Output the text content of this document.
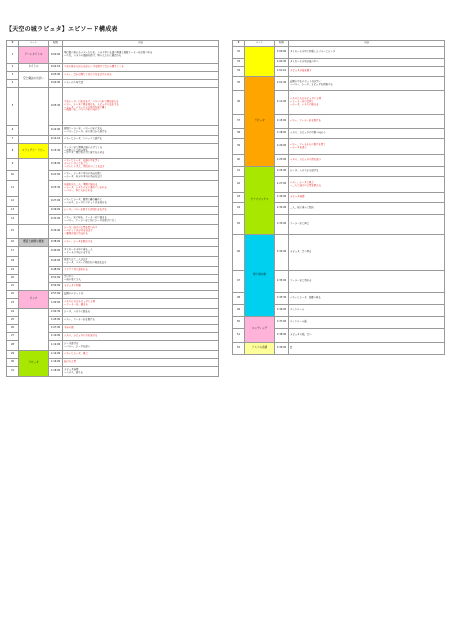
【天空の城ラピュタ】エピソード構成表
#	パート	時間	内容
1	アバンタイトル	0:00:00	飛行船の窓からパズーたちを、ムスカ率いる謎の男達と海賊ドーラ一家が見つめる
—少女、ムスカの部屋を探す、男の人たちに運ばれる

2	タイトル	0:02:10	少女の体から出た光がシータを助けて空から降りてくる

3	空と魔法の出会い	0:03:00	パズー、空から降りてきた少女を受け止める

4		0:04:00	パズーの少年生活

5		0:05:30	少女シータ、目を覚ます。パズーの家で朝を迎える
パズー、シータに鳩を見せる、ラピュタの話をする
—シータ、パズーの父の写真を見て驚く
—海賊一家、パズーの家に向かう

6		0:12:00	海賊ドーラ一家、パズーの家に来る
—パズーとシータ、家の裏口から逃げる

7		0:14:10	パズーとシータ、トロッコで逃げる

8	スラッグズ・ラビー	0:15:30	ドーラ一家と軍隊が追いかけてくる
—鉄橋の上で挟み撃ち
—シータ、飛行石の力で落下を止める

9		0:18:00	パズーとシータ、坑道の中を歩く
ポムじいさんと出会う
—ポムじいさん、飛行石のことを話す

10		0:21:00	パズー、シータに本当の名前を聞く
—シータ、自分の本当の名前を話す

11		0:23:30	坑道を出た二人、軍隊に捕まる
—シータ、ムスカの元に連れていかれる
—パズー、牢に入れられる

12		0:27:00	パズーとシータ、要塞で離れ離れに
—ムスカ、シータにロボット兵を見せる

13		0:29:00	シータ、パズーを帰すため別れを告げる

14		0:31:00	パズー、家に帰る。ドーラ一家に捕まる
—パズー、ドーラ一家と共にシータを助けに行く

15		0:34:00	シータ、滅びの言葉を思い出す
—ロボット兵が目を覚ます
—要塞が炎に包まれる

16	邂逅と捕縛の要塞	0:38:00	パズー、シータを救出する

17		0:40:00	タイガーモス号に乗る二人
—ドーラの手伝いをする

18		0:44:00	見張り台で二人が話す
—シータ、パズーに飛行石の秘密を話す

19		0:48:00	ゴリアテ号に追われる

20		0:51:00	雲の中へ
—竜の巣に突入

21		0:54:00	ラピュタに到着

22	ピンチ	0:57:00	庭園のロボット兵

23		1:00:00	ムスカたちがラピュタに上陸
—ドーラ一家、捕まる

24		1:02:30	シータ、ムスカに捕まる

25		1:05:00	パズー、ドーラ一家を助ける

26		1:07:00	玉座の間

27		1:10:00	ムスカ、ラピュタの力を見せる

28		1:12:00	シータ逃げる
—パズー、シータを追う

29	ラピュタ	1:14:00	パズーとシータ、再会

30		1:16:00	滅びの言葉

31		1:18:00	ラピュタ崩壊
—ムスカ、落ちる
#	パート	時間	内容
32		1:00:00	タイガーモス号で到着したパズーとシータ

33		1:00:30	タイガーモス号が嵐の中へ

34		1:01:10	ラピュタが姿を現す

35	ラピュタ	1:01:40	庭園の中をロボット兵が歩く
—パズー、シータ、ラピュタを探検する

36		1:11:00	ムスカたちがラピュタに上陸
—ドーラ一家の宝探し
—シータ、ムスカに捕まる

37		1:15:00	パズー、ドーラ一家を助ける

38		1:18:00	ムスカ、ラピュタの中枢へ向かう

39		1:20:00	パズー、ドーラからの助けを得て
—シータを追う

40		1:23:00	ムスカ、ラピュタの雷を放つ

41	クライマックス	1:25:00	シータ、ムスカから逃げる

42		1:27:00	パズー、シータと再会
—二人で滅びの言葉を唱える

43		1:30:00	ラピュタ崩壊

44		1:32:00	二人、凧に乗って脱出

45		1:33:00	ドーラ一家と再会

46	帰り道の旅	1:34:00	ラピュタ、空へ昇る

47		1:35:00	ドーラ一家と別れる

48		1:35:30	パズーとシータ、故郷へ帰る

49		1:36:00	エンドロール

50	エンディング	1:37:00	エンドロール後

51		1:38:00	ラピュタの種、空へ

52	ラストの余韻	1:39:00	終
